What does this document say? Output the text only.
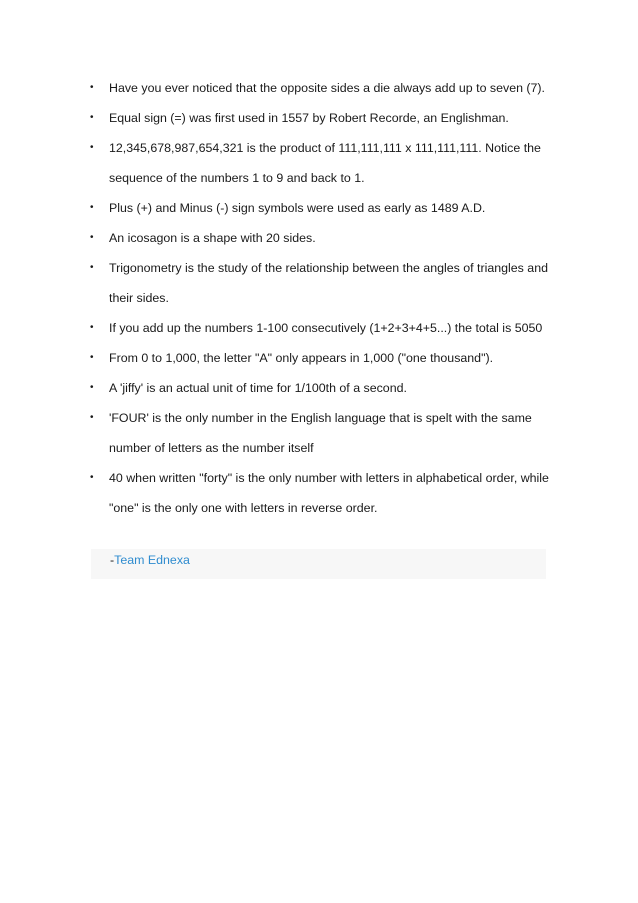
• Have you ever noticed that the opposite sides a die always add up to seven (7).
• Equal sign (=) was first used in 1557 by Robert Recorde, an Englishman.
• 12,345,678,987,654,321 is the product of 111,111,111 x 111,111,111. Notice the sequence of the numbers 1 to 9 and back to 1.
• Plus (+) and Minus (-) sign symbols were used as early as 1489 A.D.
• An icosagon is a shape with 20 sides.
• Trigonometry is the study of the relationship between the angles of triangles and their sides.
• If you add up the numbers 1-100 consecutively (1+2+3+4+5...) the total is 5050
• From 0 to 1,000, the letter "A" only appears in 1,000 ("one thousand").
• A 'jiffy' is an actual unit of time for 1/100th of a second.
• 'FOUR' is the only number in the English language that is spelt with the same number of letters as the number itself
• 40 when written "forty" is the only number with letters in alphabetical order, while "one" is the only one with letters in reverse order.
-Team Ednexa
